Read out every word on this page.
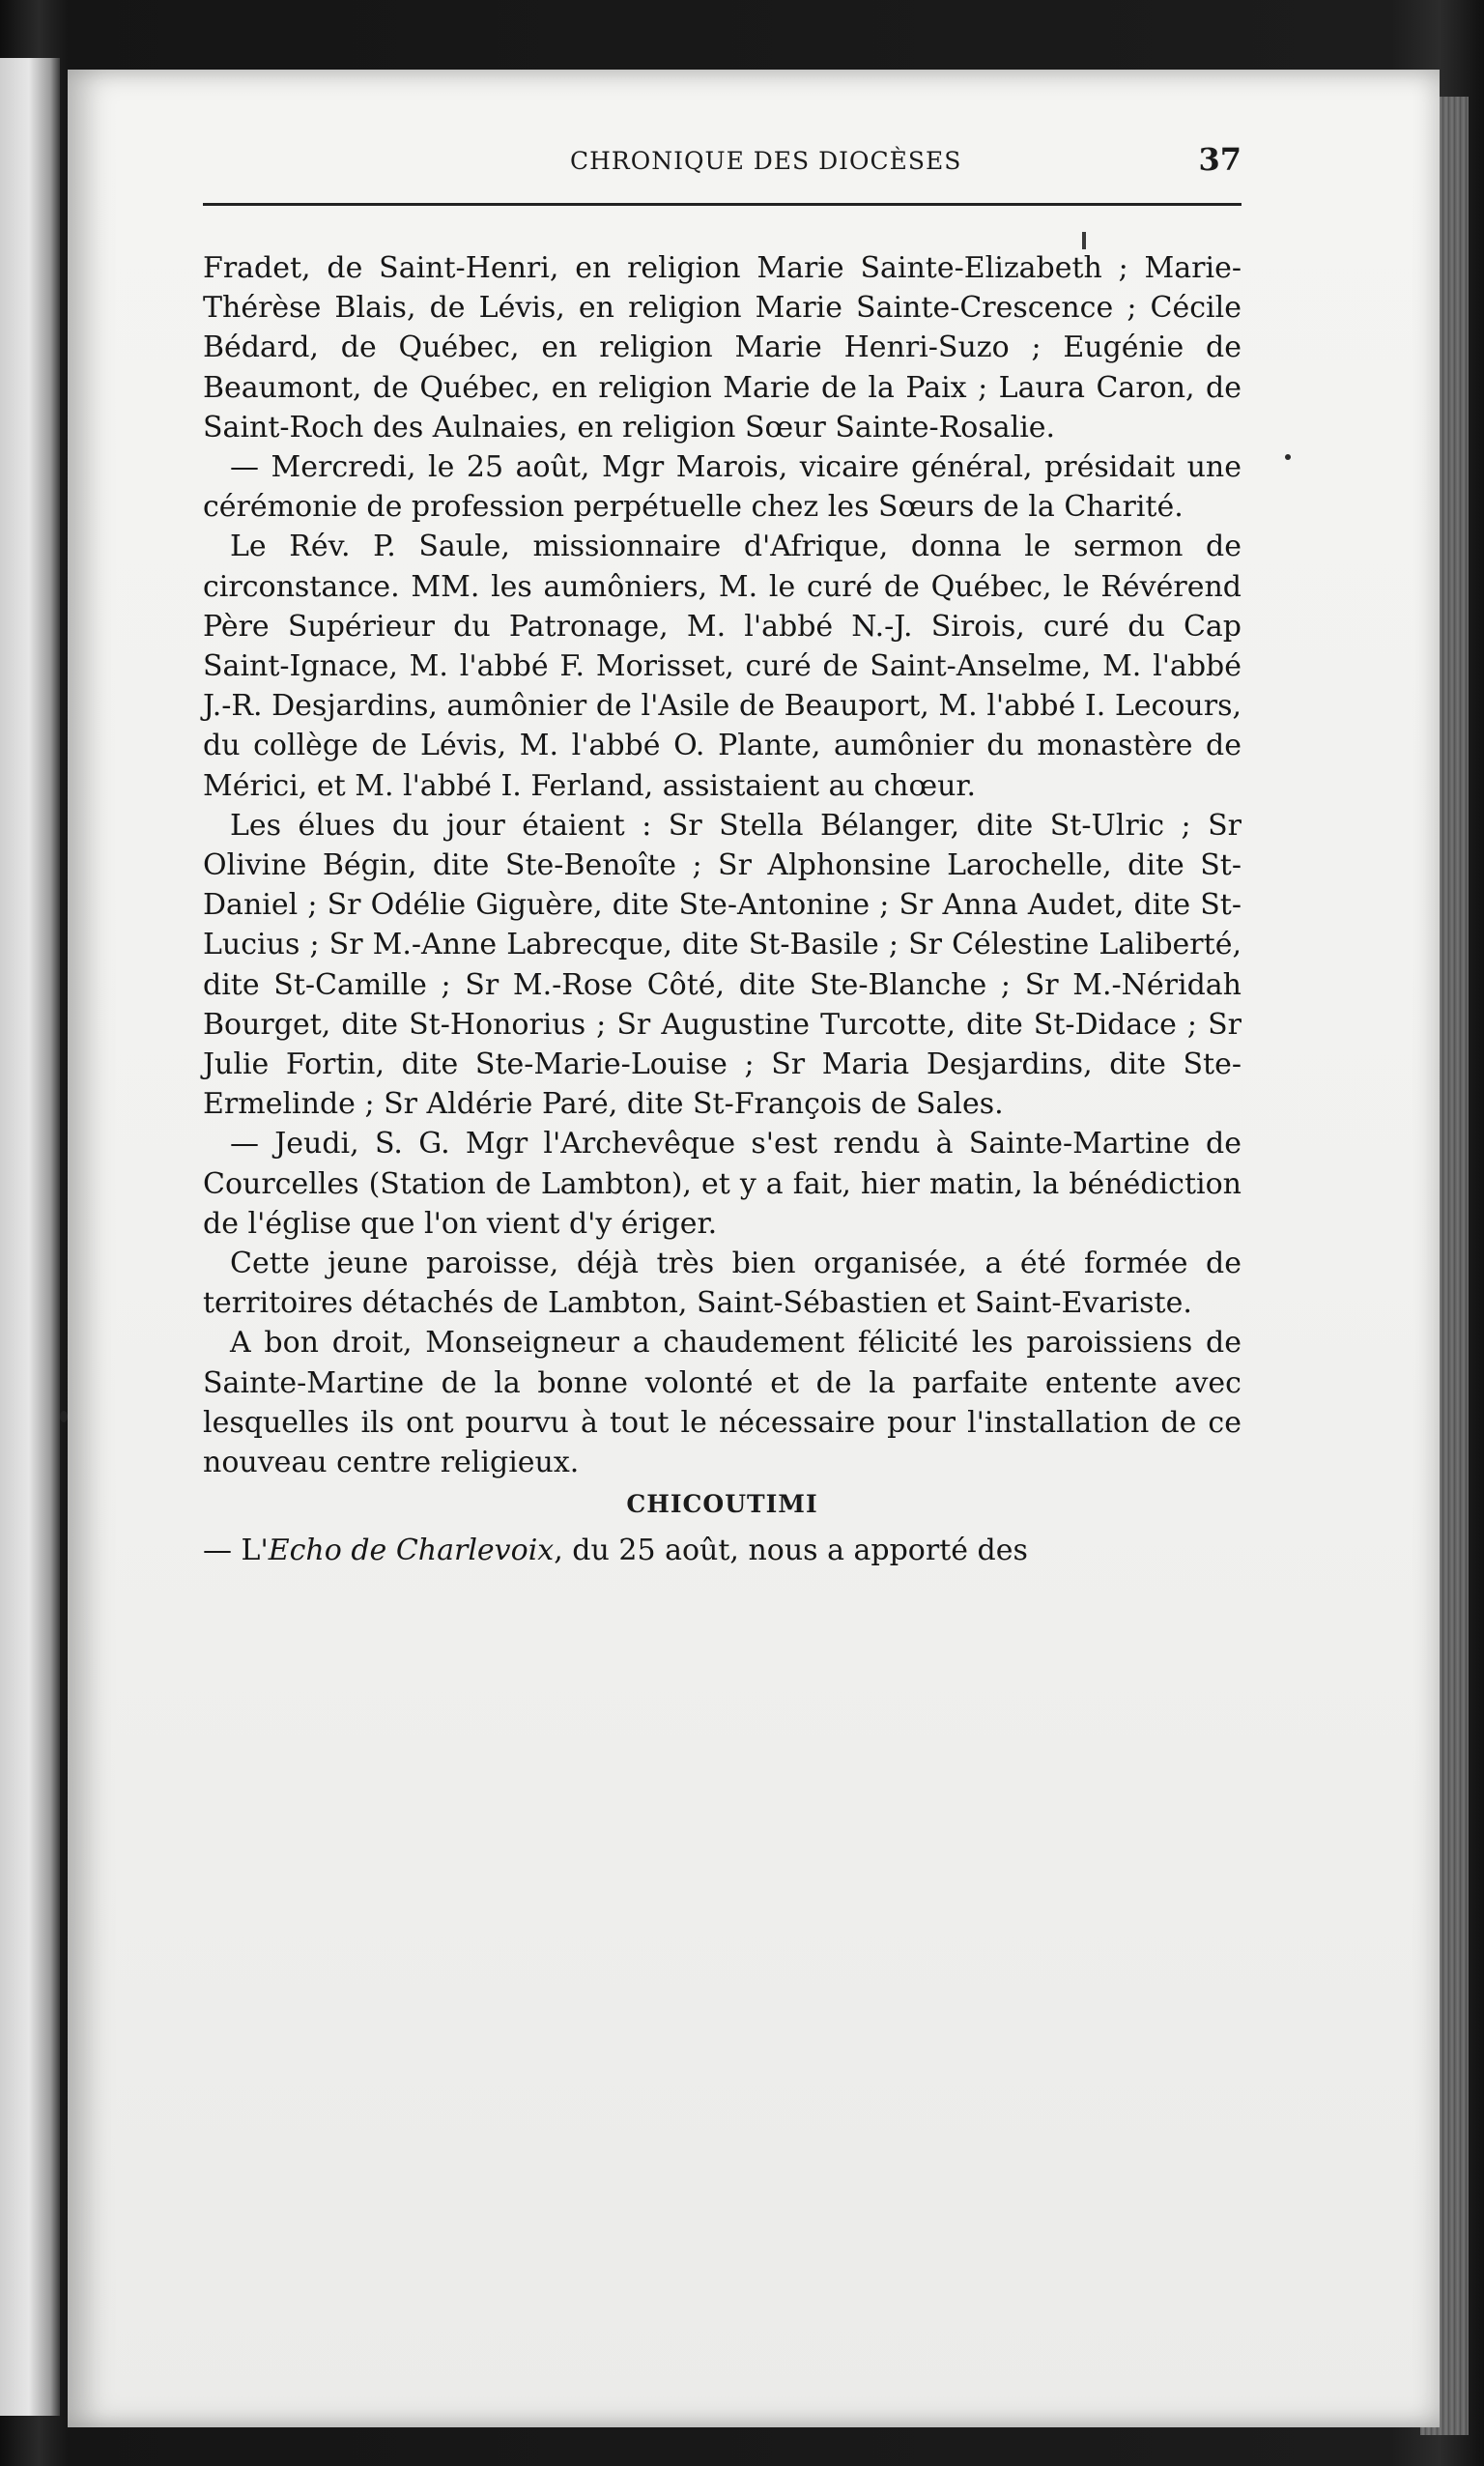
CHRONIQUE DES DIOCÈSES	37

Fradet, de Saint-Henri, en religion Marie Sainte-Elizabeth ; Marie-Thérèse Blais, de Lévis, en religion Marie Sainte-Crescence ; Cécile Bédard, de Québec, en religion Marie Henri-Suzo ; Eugénie de Beaumont, de Québec, en religion Marie de la Paix ; Laura Caron, de Saint-Roch des Aulnaies, en religion Sœur Sainte-Rosalie.

— Mercredi, le 25 août, Mgr Marois, vicaire général, présidait une cérémonie de profession perpétuelle chez les Sœurs de la Charité.

Le Rév. P. Saule, missionnaire d'Afrique, donna le sermon de circonstance. MM. les aumôniers, M. le curé de Québec, le Révérend Père Supérieur du Patronage, M. l'abbé N.-J. Sirois, curé du Cap Saint-Ignace, M. l'abbé F. Morisset, curé de Saint-Anselme, M. l'abbé J.-R. Desjardins, aumônier de l'Asile de Beauport, M. l'abbé I. Lecours, du collège de Lévis, M. l'abbé O. Plante, aumônier du monastère de Mérici, et M. l'abbé I. Ferland, assistaient au chœur.

Les élues du jour étaient : Sr Stella Bélanger, dite St-Ulric ; Sr Olivine Bégin, dite Ste-Benoîte ; Sr Alphonsine Larochelle, dite St-Daniel ; Sr Odélie Giguère, dite Ste-Antonine ; Sr Anna Audet, dite St-Lucius ; Sr M.-Anne Labrecque, dite St-Basile ; Sr Célestine Laliberté, dite St-Camille ; Sr M.-Rose Côté, dite Ste-Blanche ; Sr M.-Néridah Bourget, dite St-Honorius ; Sr Augustine Turcotte, dite St-Didace ; Sr Julie Fortin, dite Ste-Marie-Louise ; Sr Maria Desjardins, dite Ste-Ermelinde ; Sr Aldérie Paré, dite St-François de Sales.

— Jeudi, S. G. Mgr l'Archevêque s'est rendu à Sainte-Martine de Courcelles (Station de Lambton), et y a fait, hier matin, la bénédiction de l'église que l'on vient d'y ériger.

Cette jeune paroisse, déjà très bien organisée, a été formée de territoires détachés de Lambton, Saint-Sébastien et Saint-Evariste.

A bon droit, Monseigneur a chaudement félicité les paroissiens de Sainte-Martine de la bonne volonté et de la parfaite entente avec lesquelles ils ont pourvu à tout le nécessaire pour l'installation de ce nouveau centre religieux.

CHICOUTIMI

— L'Echo de Charlevoix, du 25 août, nous a apporté des
